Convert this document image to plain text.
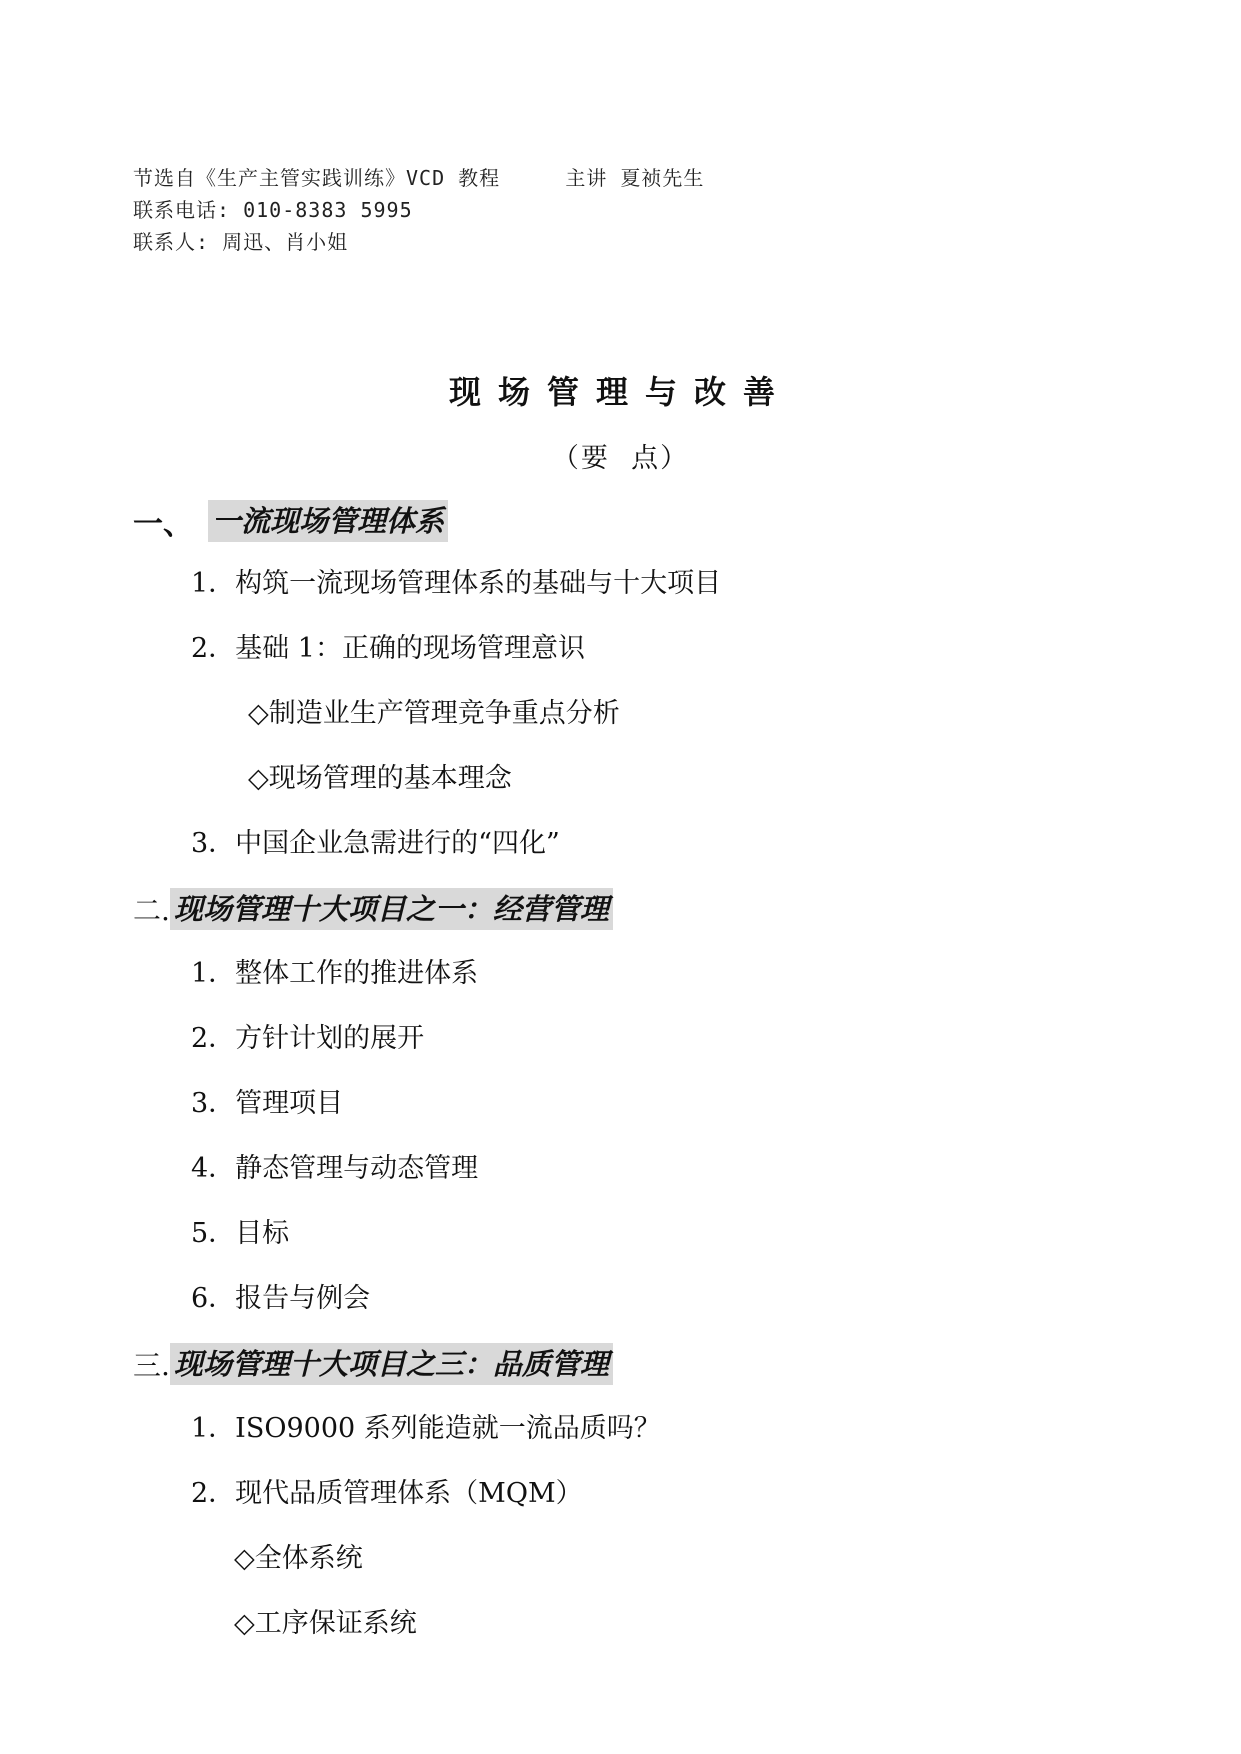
节选自《生产主管实践训练》VCD 教程     主讲 夏祯先生
联系电话: 010-8383 5995
联系人: 周迅、肖小姐
现场管理与改善
（要  点）
一、 一流现场管理体系
1．构筑一流现场管理体系的基础与十大项目
2．基础 1：正确的现场管理意识
◇制造业生产管理竞争重点分析
◇现场管理的基本理念
3．中国企业急需进行的“四化”
二. 现场管理十大项目之一：经营管理
1．整体工作的推进体系
2．方针计划的展开
3．管理项目
4．静态管理与动态管理
5．目标
6．报告与例会
三. 现场管理十大项目之三：品质管理
1．ISO9000 系列能造就一流品质吗？
2．现代品质管理体系（MQM）
◇全体系统
◇工序保证系统
